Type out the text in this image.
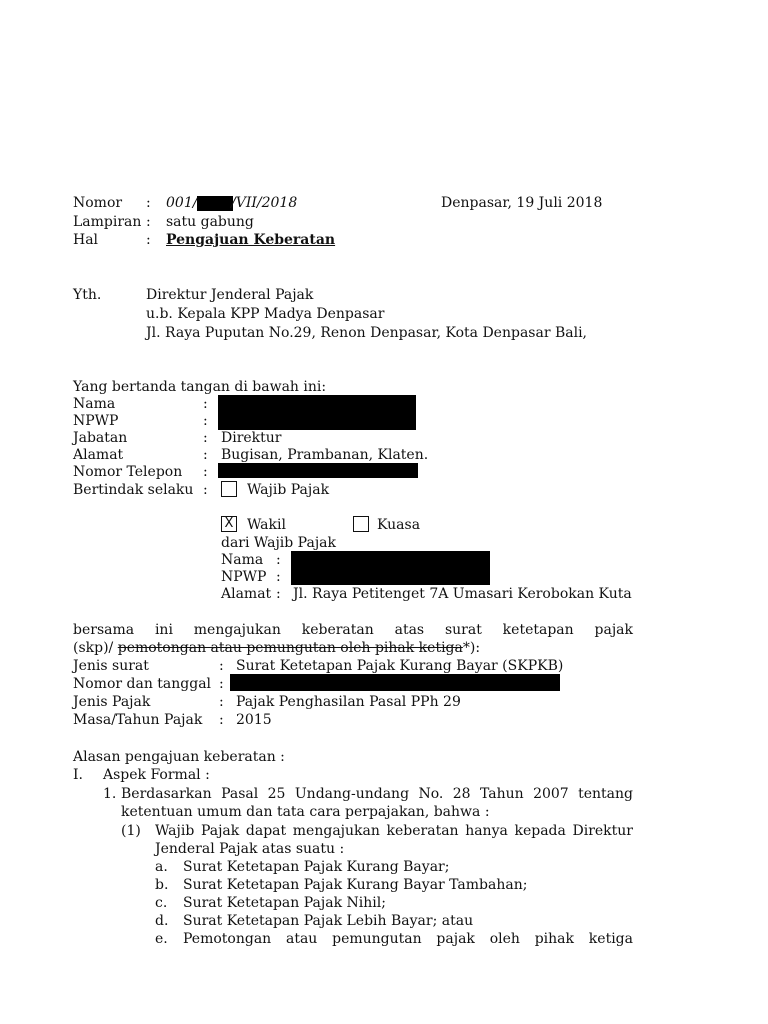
Nomor : 001/ /VII/2018	Denpasar, 19 Juli 2018
Lampiran : satu gabung
Hal	: Pengajuan Keberatan
Yth.	Direktur Jenderal Pajak
u.b. Kepala KPP Madya Denpasar
Jl. Raya Puputan No.29, Renon Denpasar, Kota Denpasar Bali,
Yang bertanda tangan di bawah ini:
Nama	:
NPWP	:
Jabatan	: Direktur
Alamat	: Bugisan, Prambanan, Klaten.
Nomor Telepon :
Bertindak selaku :	Wajib Pajak
X Wakil	Kuasa
dari Wajib Pajak
Nama :
NPWP :
Alamat : Jl. Raya Petitenget 7A Umasari Kerobokan Kuta
bersama ini mengajukan keberatan atas surat ketetapan pajak
(skp)/ pemotongan atau pemungutan oleh pihak ketiga*):
Jenis surat	: Surat Ketetapan Pajak Kurang Bayar (SKPKB)
Nomor dan tanggal :
Jenis Pajak	: Pajak Penghasilan Pasal PPh 29
Masa/Tahun Pajak : 2015
Alasan pengajuan keberatan :
I. Aspek Formal :
1. Berdasarkan Pasal 25 Undang-undang No. 28 Tahun 2007 tentang
ketentuan umum dan tata cara perpajakan, bahwa :
(1) Wajib Pajak dapat mengajukan keberatan hanya kepada Direktur
Jenderal Pajak atas suatu :
a. Surat Ketetapan Pajak Kurang Bayar;
b. Surat Ketetapan Pajak Kurang Bayar Tambahan;
c. Surat Ketetapan Pajak Nihil;
d. Surat Ketetapan Pajak Lebih Bayar; atau
e. Pemotongan atau pemungutan pajak oleh pihak ketiga
